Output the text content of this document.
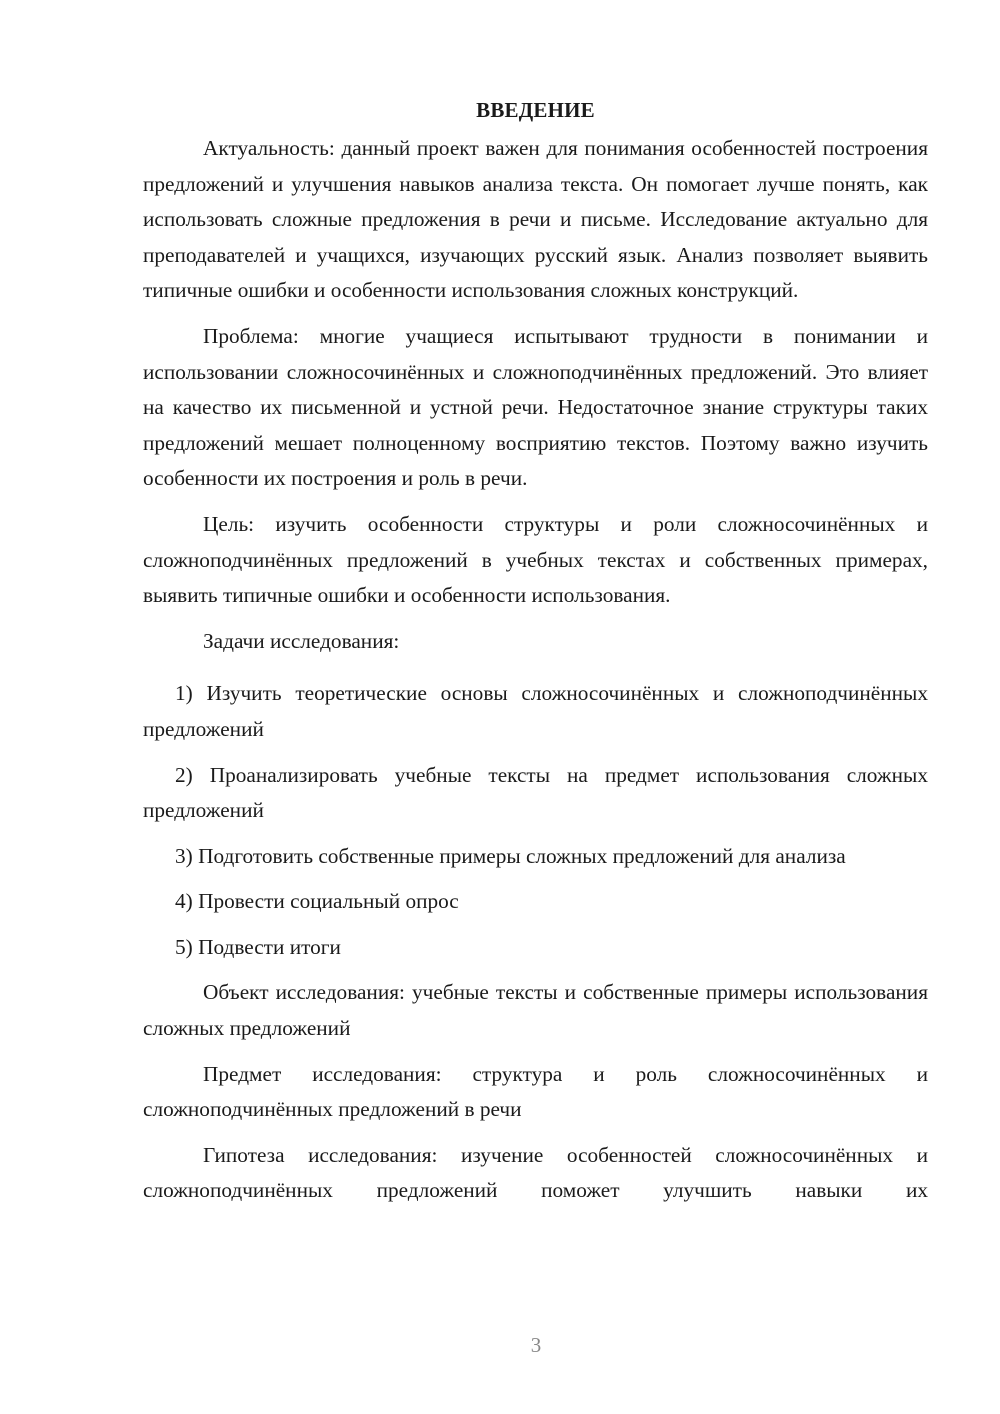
ВВЕДЕНИЕ

Актуальность: данный проект важен для понимания особенностей построения предложений и улучшения навыков анализа текста. Он помогает лучше понять, как использовать сложные предложения в речи и письме. Исследование актуально для преподавателей и учащихся, изучающих русский язык. Анализ позволяет выявить типичные ошибки и особенности использования сложных конструкций.

Проблема: многие учащиеся испытывают трудности в понимании и использовании сложносочинённых и сложноподчинённых предложений. Это влияет на качество их письменной и устной речи. Недостаточное знание структуры таких предложений мешает полноценному восприятию текстов. Поэтому важно изучить особенности их построения и роль в речи.

Цель: изучить особенности структуры и роли сложносочинённых и сложноподчинённых предложений в учебных текстах и собственных примерах, выявить типичные ошибки и особенности использования.

Задачи исследования:

1) Изучить теоретические основы сложносочинённых и сложноподчинённых предложений

2) Проанализировать учебные тексты на предмет использования сложных предложений

3) Подготовить собственные примеры сложных предложений для анализа

4) Провести социальный опрос

5) Подвести итоги

Объект исследования: учебные тексты и собственные примеры использования сложных предложений

Предмет исследования: структура и роль сложносочинённых и сложноподчинённых предложений в речи

Гипотеза исследования: изучение особенностей сложносочинённых и сложноподчинённых предложений поможет улучшить навыки их

3
